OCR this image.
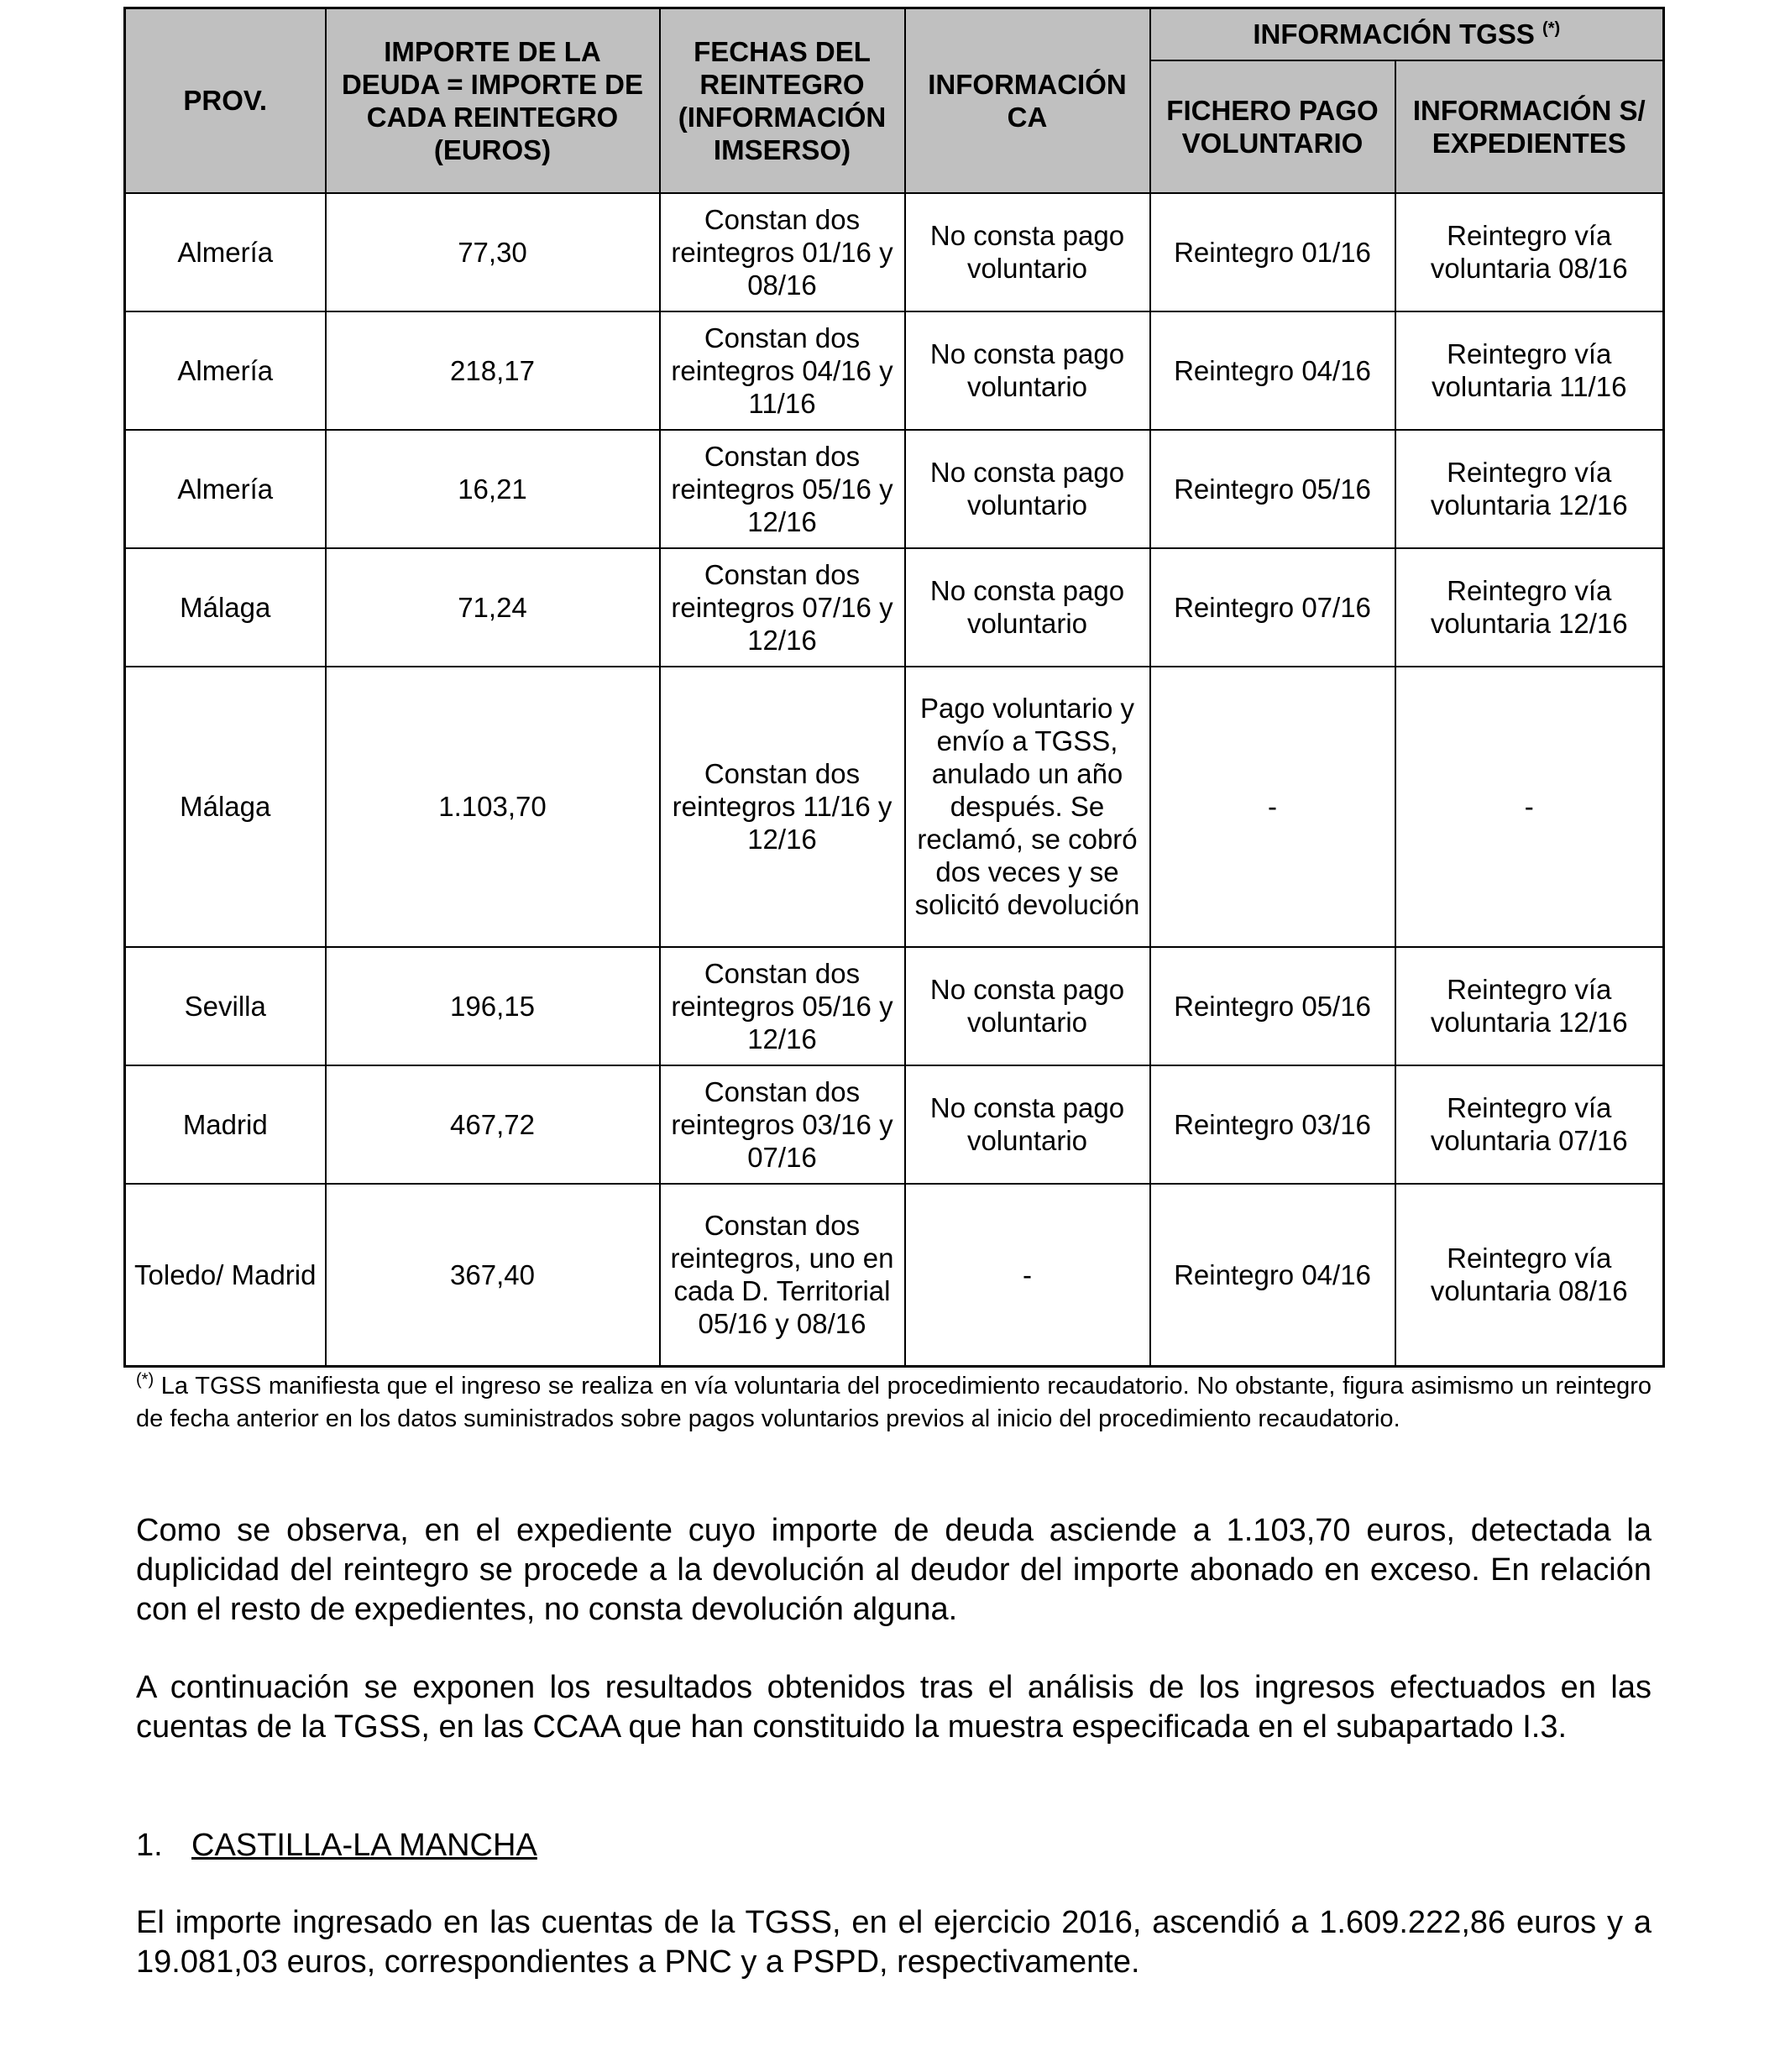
PROV.	IMPORTE DE LA DEUDA = IMPORTE DE CADA REINTEGRO (EUROS)	FECHAS DEL REINTEGRO (INFORMACIÓN IMSERSO)	INFORMACIÓN CA	INFORMACIÓN TGSS (*)
				FICHERO PAGO VOLUNTARIO	INFORMACIÓN S/ EXPEDIENTES
Almería	77,30	Constan dos reintegros 01/16 y 08/16	No consta pago voluntario	Reintegro 01/16	Reintegro vía voluntaria 08/16
Almería	218,17	Constan dos reintegros 04/16 y 11/16	No consta pago voluntario	Reintegro 04/16	Reintegro vía voluntaria 11/16
Almería	16,21	Constan dos reintegros 05/16 y 12/16	No consta pago voluntario	Reintegro 05/16	Reintegro vía voluntaria 12/16
Málaga	71,24	Constan dos reintegros 07/16 y 12/16	No consta pago voluntario	Reintegro 07/16	Reintegro vía voluntaria 12/16
Málaga	1.103,70	Constan dos reintegros 11/16 y 12/16	Pago voluntario y envío a TGSS, anulado un año después. Se reclamó, se cobró dos veces y se solicitó devolución	-	-
Sevilla	196,15	Constan dos reintegros 05/16 y 12/16	No consta pago voluntario	Reintegro 05/16	Reintegro vía voluntaria 12/16
Madrid	467,72	Constan dos reintegros 03/16 y 07/16	No consta pago voluntario	Reintegro 03/16	Reintegro vía voluntaria 07/16
Toledo/ Madrid	367,40	Constan dos reintegros, uno en cada D. Territorial 05/16 y 08/16	-	Reintegro 04/16	Reintegro vía voluntaria 08/16
(*) La TGSS manifiesta que el ingreso se realiza en vía voluntaria del procedimiento recaudatorio. No obstante, figura asimismo un reintegro de fecha anterior en los datos suministrados sobre pagos voluntarios previos al inicio del procedimiento recaudatorio.
Como se observa, en el expediente cuyo importe de deuda asciende a 1.103,70 euros, detectada la duplicidad del reintegro se procede a la devolución al deudor del importe abonado en exceso. En relación con el resto de expedientes, no consta devolución alguna.
A continuación se exponen los resultados obtenidos tras el análisis de los ingresos efectuados en las cuentas de la TGSS, en las CCAA que han constituido la muestra especificada en el subapartado I.3.
1. CASTILLA-LA MANCHA
El importe ingresado en las cuentas de la TGSS, en el ejercicio 2016, ascendió a 1.609.222,86 euros y a 19.081,03 euros, correspondientes a PNC y a PSPD, respectivamente.
